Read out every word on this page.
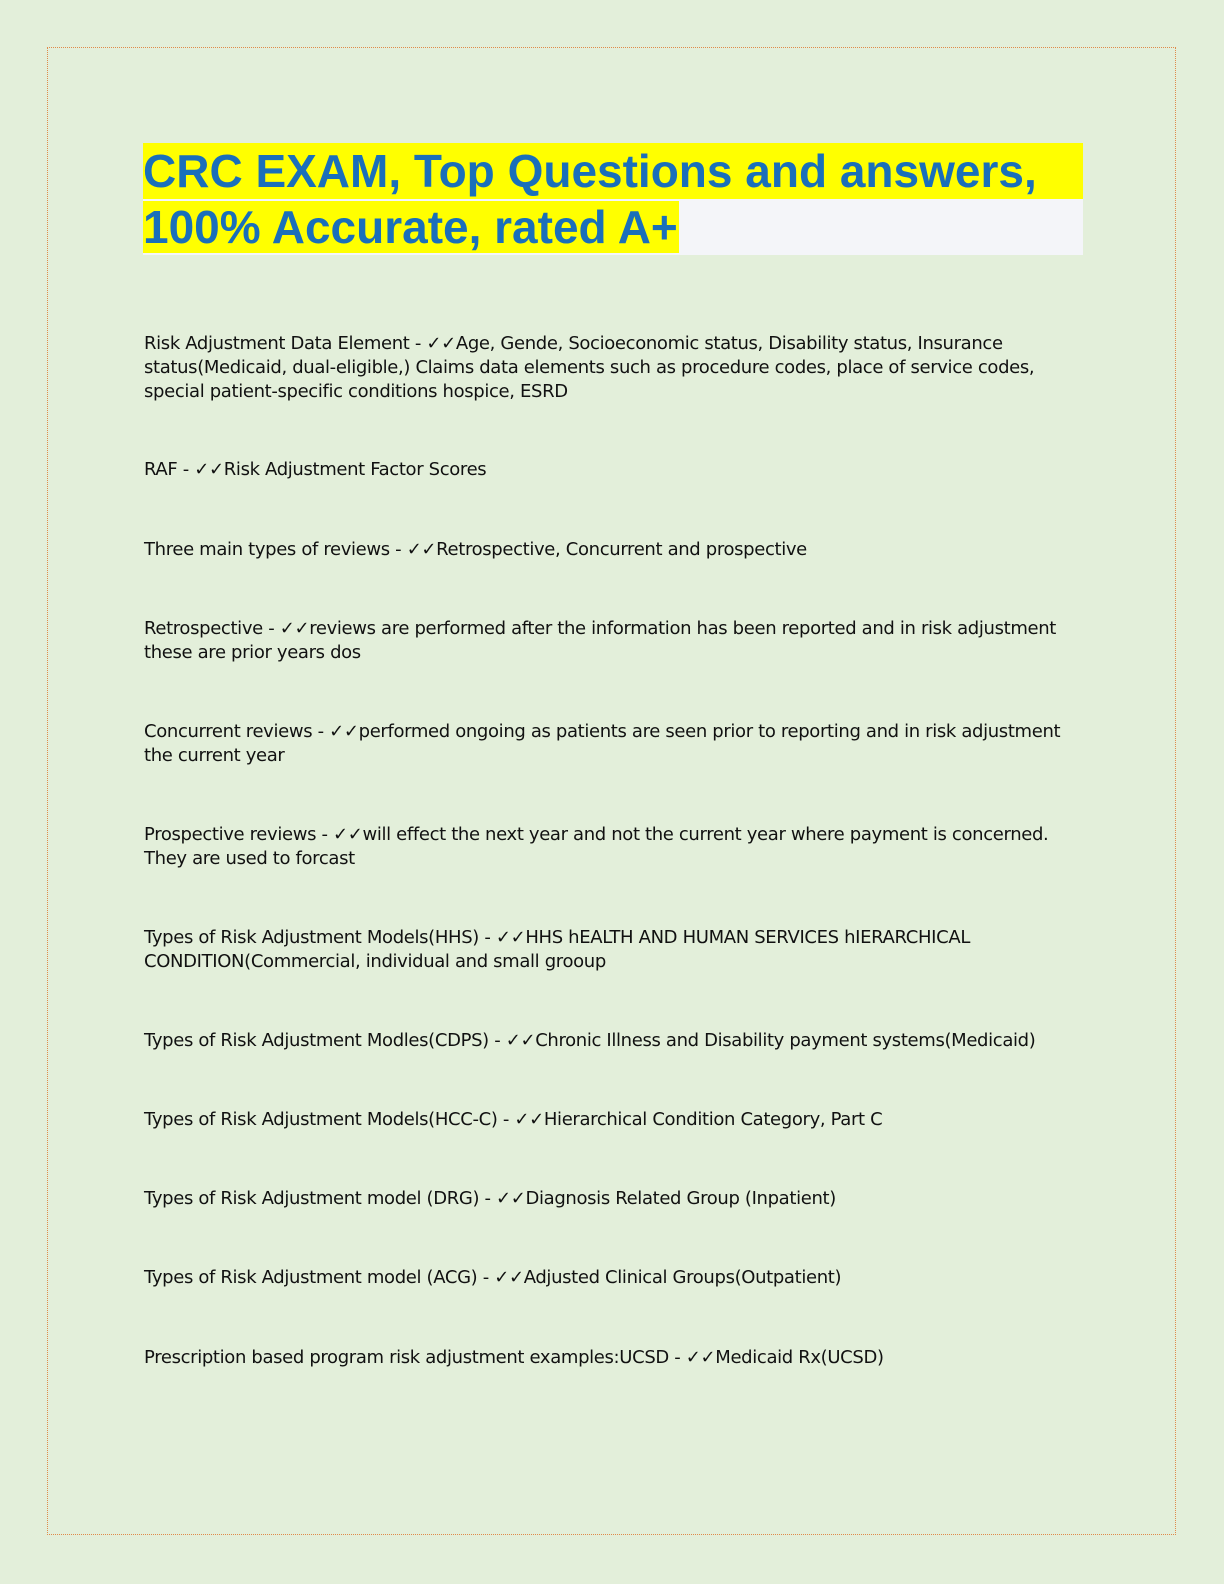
CRC EXAM, Top Questions and answers,
100% Accurate, rated A+
Risk Adjustment Data Element - ✓✓Age, Gende, Socioeconomic status, Disability status, Insurance status(Medicaid, dual-eligible,) Claims data elements such as procedure codes, place of service codes, special patient-specific conditions hospice, ESRD
RAF - ✓✓Risk Adjustment Factor Scores
Three main types of reviews - ✓✓Retrospective, Concurrent and prospective
Retrospective - ✓✓reviews are performed after the information has been reported and in risk adjustment these are prior years dos
Concurrent reviews - ✓✓performed ongoing as patients are seen prior to reporting and in risk adjustment the current year
Prospective reviews - ✓✓will effect the next year and not the current year where payment is concerned. They are used to forcast
Types of Risk Adjustment Models(HHS) - ✓✓HHS hEALTH AND HUMAN SERVICES hIERARCHICAL CONDITION(Commercial, individual and small grooup
Types of Risk Adjustment Modles(CDPS) - ✓✓Chronic Illness and Disability payment systems(Medicaid)
Types of Risk Adjustment Models(HCC-C) - ✓✓Hierarchical Condition Category, Part C
Types of Risk Adjustment model (DRG) - ✓✓Diagnosis Related Group (Inpatient)
Types of Risk Adjustment model (ACG) - ✓✓Adjusted Clinical Groups(Outpatient)
Prescription based program risk adjustment examples:UCSD - ✓✓Medicaid Rx(UCSD)
